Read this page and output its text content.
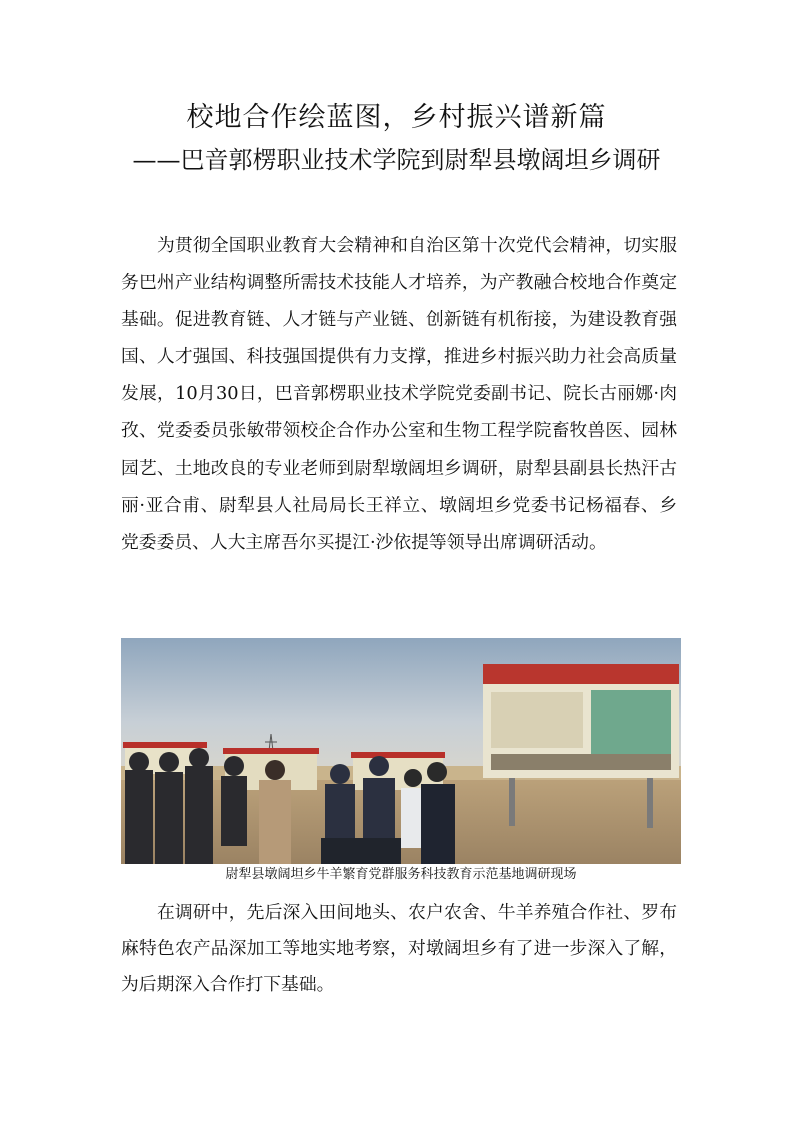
校地合作绘蓝图，乡村振兴谱新篇
——巴音郭楞职业技术学院到尉犁县墩阔坦乡调研
为贯彻全国职业教育大会精神和自治区第十次党代会精神，切实服务巴州产业结构调整所需技术技能人才培养，为产教融合校地合作奠定基础。促进教育链、人才链与产业链、创新链有机衔接，为建设教育强国、人才强国、科技强国提供有力支撑，推进乡村振兴助力社会高质量发展，10月30日，巴音郭楞职业技术学院党委副书记、院长古丽娜·肉孜、党委委员张敏带领校企合作办公室和生物工程学院畜牧兽医、园林园艺、土地改良的专业老师到尉犁墩阔坦乡调研，尉犁县副县长热汗古丽·亚合甫、尉犁县人社局局长王祥立、墩阔坦乡党委书记杨福春、乡党委委员、人大主席吾尔买提江·沙依提等领导出席调研活动。
尉犁县墩阔坦乡牛羊繁育党群服务科技教育示范基地调研现场
在调研中，先后深入田间地头、农户农舍、牛羊养殖合作社、罗布麻特色农产品深加工等地实地考察，对墩阔坦乡有了进一步深入了解，为后期深入合作打下基础。
